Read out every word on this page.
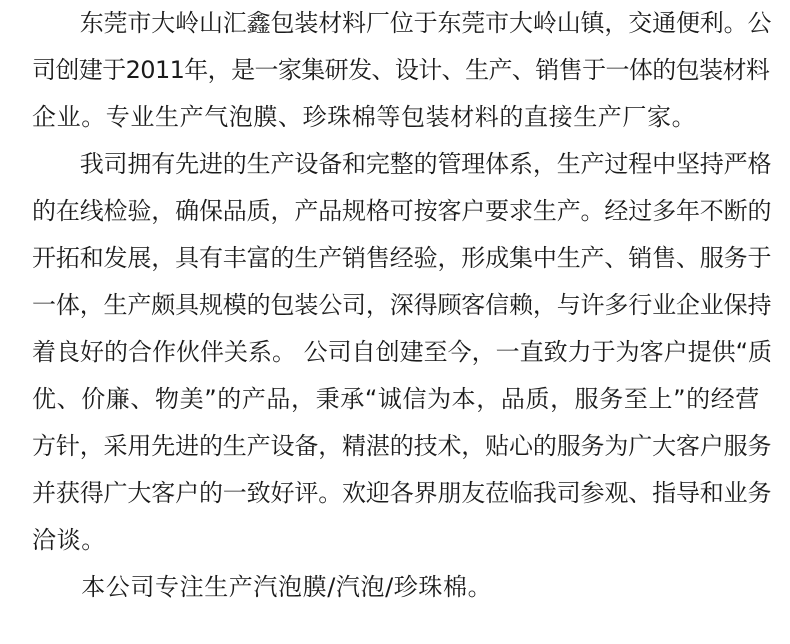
　　东莞市大岭山汇鑫包装材料厂位于东莞市大岭山镇，交通便利。公
司创建于2011年，是一家集研发、设计、生产、销售于一体的包装材料
企业。专业生产气泡膜、珍珠棉等包装材料的直接生产厂家。
　　我司拥有先进的生产设备和完整的管理体系，生产过程中坚持严格
的在线检验，确保品质，产品规格可按客户要求生产。经过多年不断的
开拓和发展，具有丰富的生产销售经验，形成集中生产、销售、服务于
一体，生产颇具规模的包装公司，深得顾客信赖，与许多行业企业保持
着良好的合作伙伴关系。 公司自创建至今，一直致力于为客户提供“质
优、价廉、物美”的产品，秉承“诚信为本，品质，服务至上”的经营
方针，采用先进的生产设备，精湛的技术，贴心的服务为广大客户服务
并获得广大客户的一致好评。欢迎各界朋友莅临我司参观、指导和业务
洽谈。
　　本公司专注生产汽泡膜/汽泡/珍珠棉。
